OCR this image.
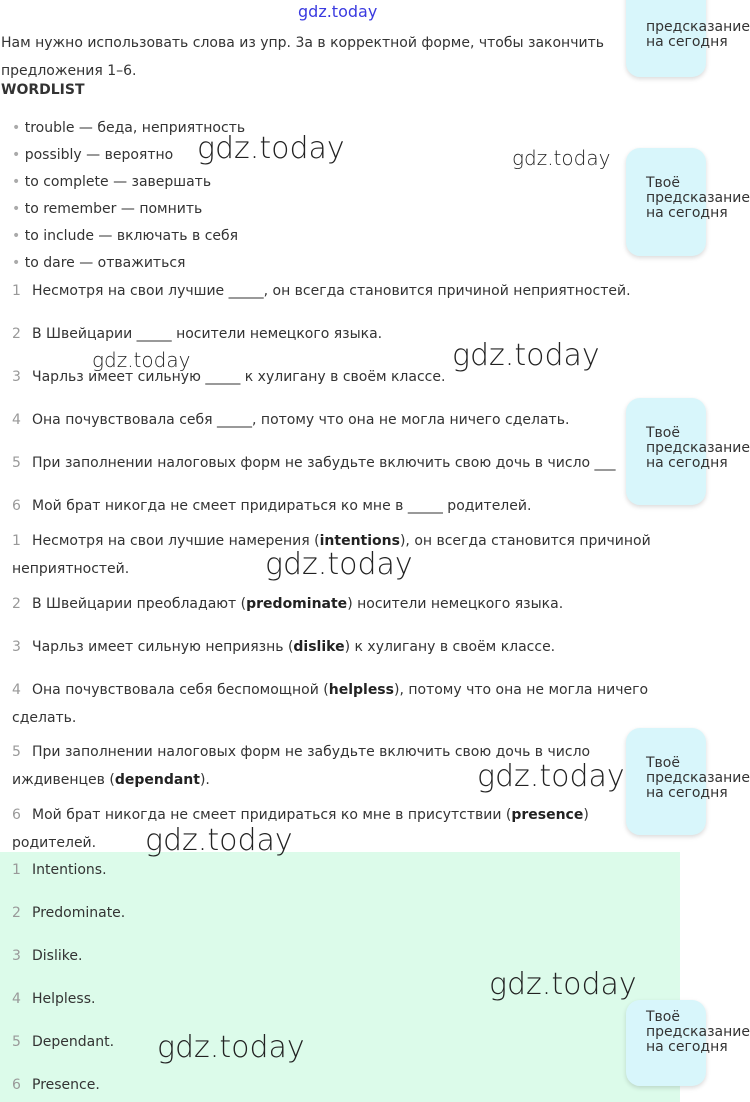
gdz.today
Нам нужно использовать слова из упр. 3a в корректной форме, чтобы закончить предложения 1–6.
WORDLIST
• trouble — беда, неприятность
• possibly — вероятно
• to complete — завершать
• to remember — помнить
• to include — включать в себя
• to dare — отважиться
1 Несмотря на свои лучшие _____, он всегда становится причиной неприятностей.
2 В Швейцарии _____ носители немецкого языка.
3 Чарльз имеет сильную _____ к хулигану в своём классе.
4 Она почувствовала себя _____, потому что она не могла ничего сделать.
5 При заполнении налоговых форм не забудьте включить свою дочь в число ___
6 Мой брат никогда не смеет придираться ко мне в _____ родителей.
1 Несмотря на свои лучшие намерения (intentions), он всегда становится причиной неприятностей.
2 В Швейцарии преобладают (predominate) носители немецкого языка.
3 Чарльз имеет сильную неприязнь (dislike) к хулигану в своём классе.
4 Она почувствовала себя беспомощной (helpless), потому что она не могла ничего сделать.
5 При заполнении налоговых форм не забудьте включить свою дочь в число иждивенцев (dependant).
6 Мой брат никогда не смеет придираться ко мне в присутствии (presence) родителей.
1 Intentions.
2 Predominate.
3 Dislike.
4 Helpless.
5 Dependant.
6 Presence.
предсказание
на сегодня
Твоё
предсказание
на сегодня
Твоё
предсказание
на сегодня
Твоё
предсказание
на сегодня
Твоё
предсказание
на сегодня
gdz.today	gdz.today
gdz.today
gdz.today
gdz.today
gdz.today
gdz.today
gdz.today
gdz.today
